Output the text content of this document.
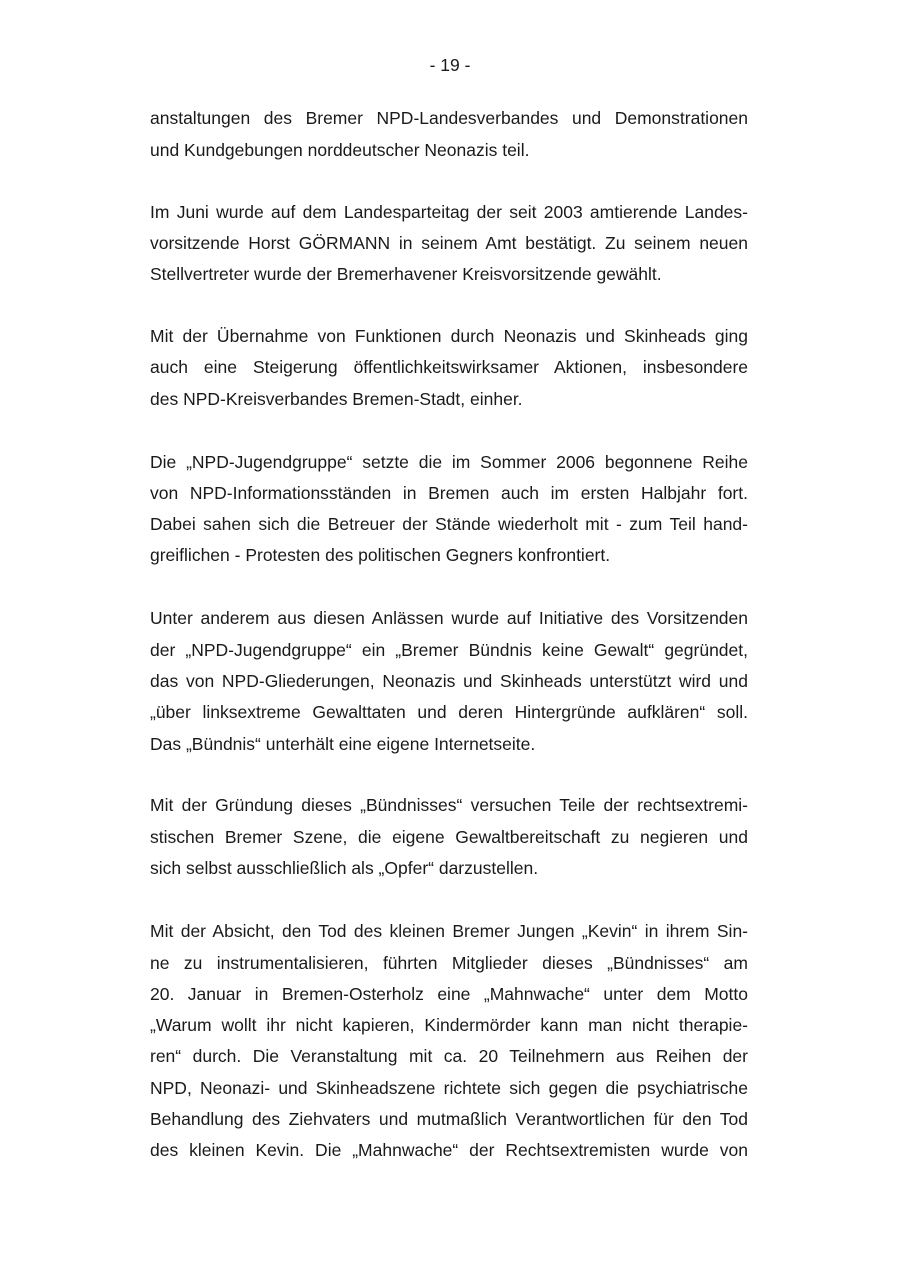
- 19 -
anstaltungen des Bremer NPD-Landesverbandes und Demonstrationen
und Kundgebungen norddeutscher Neonazis teil.
Im Juni wurde auf dem Landesparteitag der seit 2003 amtierende Landes-
vorsitzende Horst GÖRMANN in seinem Amt bestätigt. Zu seinem neuen
Stellvertreter wurde der Bremerhavener Kreisvorsitzende gewählt.
Mit der Übernahme von Funktionen durch Neonazis und Skinheads ging
auch eine Steigerung öffentlichkeitswirksamer Aktionen, insbesondere
des NPD-Kreisverbandes Bremen-Stadt, einher.
Die „NPD-Jugendgruppe“ setzte die im Sommer 2006 begonnene Reihe
von NPD-Informationsständen in Bremen auch im ersten Halbjahr fort.
Dabei sahen sich die Betreuer der Stände wiederholt mit - zum Teil hand-
greiflichen - Protesten des politischen Gegners konfrontiert.
Unter anderem aus diesen Anlässen wurde auf Initiative des Vorsitzenden
der „NPD-Jugendgruppe“ ein „Bremer Bündnis keine Gewalt“ gegründet,
das von NPD-Gliederungen, Neonazis und Skinheads unterstützt wird und
„über linksextreme Gewalttaten und deren Hintergründe aufklären“ soll.
Das „Bündnis“ unterhält eine eigene Internetseite.
Mit der Gründung dieses „Bündnisses“ versuchen Teile der rechtsextremi-
stischen Bremer Szene, die eigene Gewaltbereitschaft zu negieren und
sich selbst ausschließlich als „Opfer“ darzustellen.
Mit der Absicht, den Tod des kleinen Bremer Jungen „Kevin“ in ihrem Sin-
ne zu instrumentalisieren, führten Mitglieder dieses „Bündnisses“ am
20. Januar in Bremen-Osterholz eine „Mahnwache“ unter dem Motto
„Warum wollt ihr nicht kapieren, Kindermörder kann man nicht therapie-
ren“ durch. Die Veranstaltung mit ca. 20 Teilnehmern aus Reihen der
NPD, Neonazi- und Skinheadszene richtete sich gegen die psychiatrische
Behandlung des Ziehvaters und mutmaßlich Verantwortlichen für den Tod
des kleinen Kevin. Die „Mahnwache“ der Rechtsextremisten wurde von
